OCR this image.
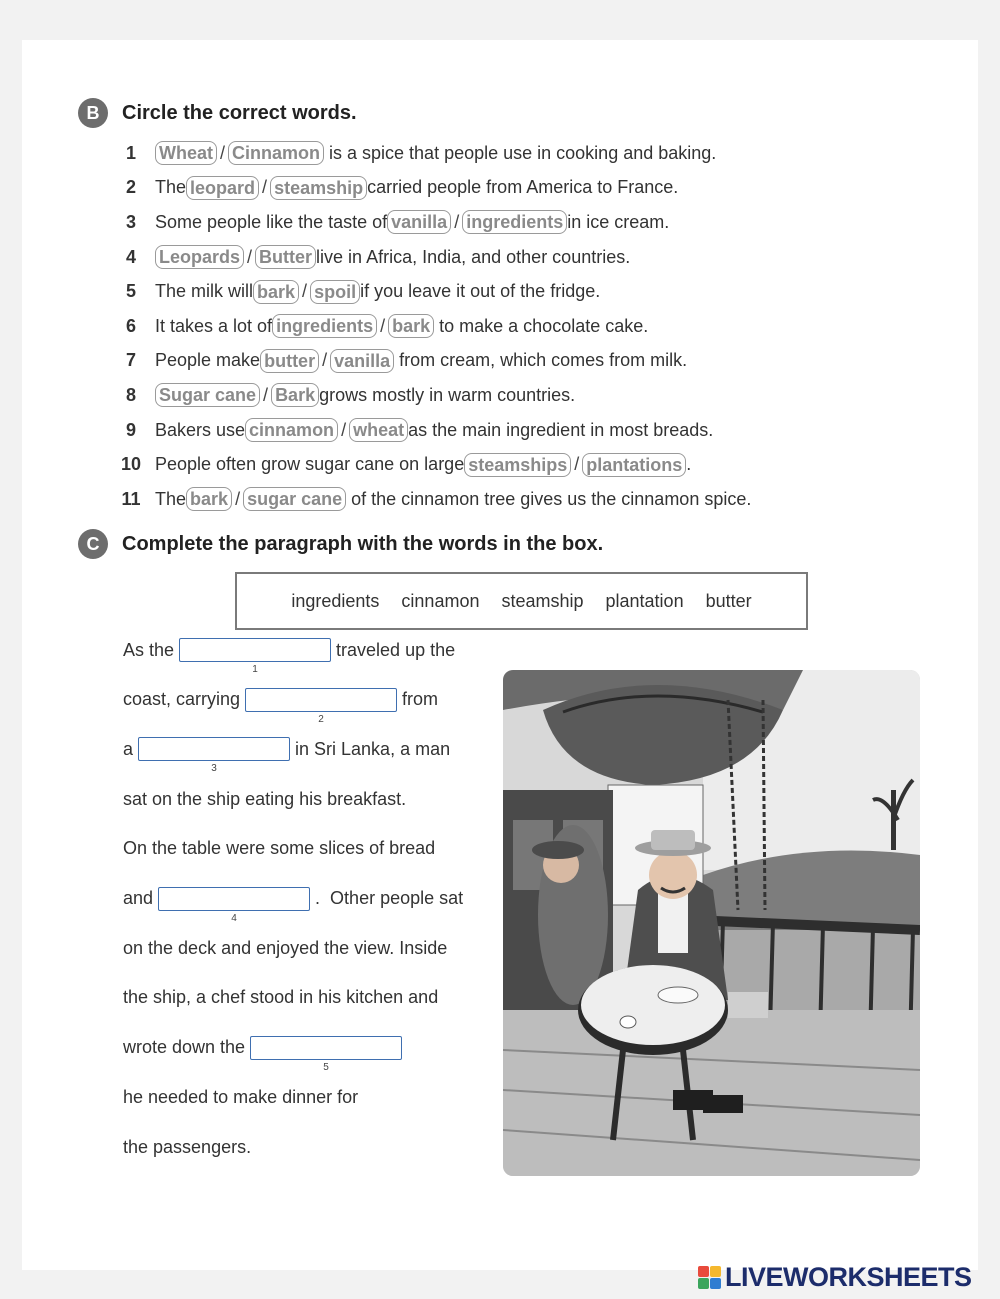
B	Circle the correct words.
1	Wheat / Cinnamon is a spice that people use in cooking and baking.
2	The leopard / steamship carried people from America to France.
3	Some people like the taste of vanilla / ingredients in ice cream.
4	Leopards / Butter live in Africa, India, and other countries.
5	The milk will bark / spoil if you leave it out of the fridge.
6	It takes a lot of ingredients / bark to make a chocolate cake.
7	People make butter / vanilla from cream, which comes from milk.
8	Sugar cane / Bark grows mostly in warm countries.
9	Bakers use cinnamon / wheat as the main ingredient in most breads.
10 People often grow sugar cane on large steamships / plantations .
11 The bark / sugar cane of the cinnamon tree gives us the cinnamon spice.
C	Complete the paragraph with the words in the box.
ingredients cinnamon steamship plantation butter
As the
1
traveled up the
coast, carrying
2
from
a
3
in Sri Lanka, a man
sat on the ship eating his breakfast.
On the table were some slices of bread
and
4
.  Other people sat
on the deck and enjoyed the view. Inside
the ship, a chef stood in his kitchen and
wrote down the
5
he needed to make dinner for
the passengers.
LIVEWORKSHEETS
